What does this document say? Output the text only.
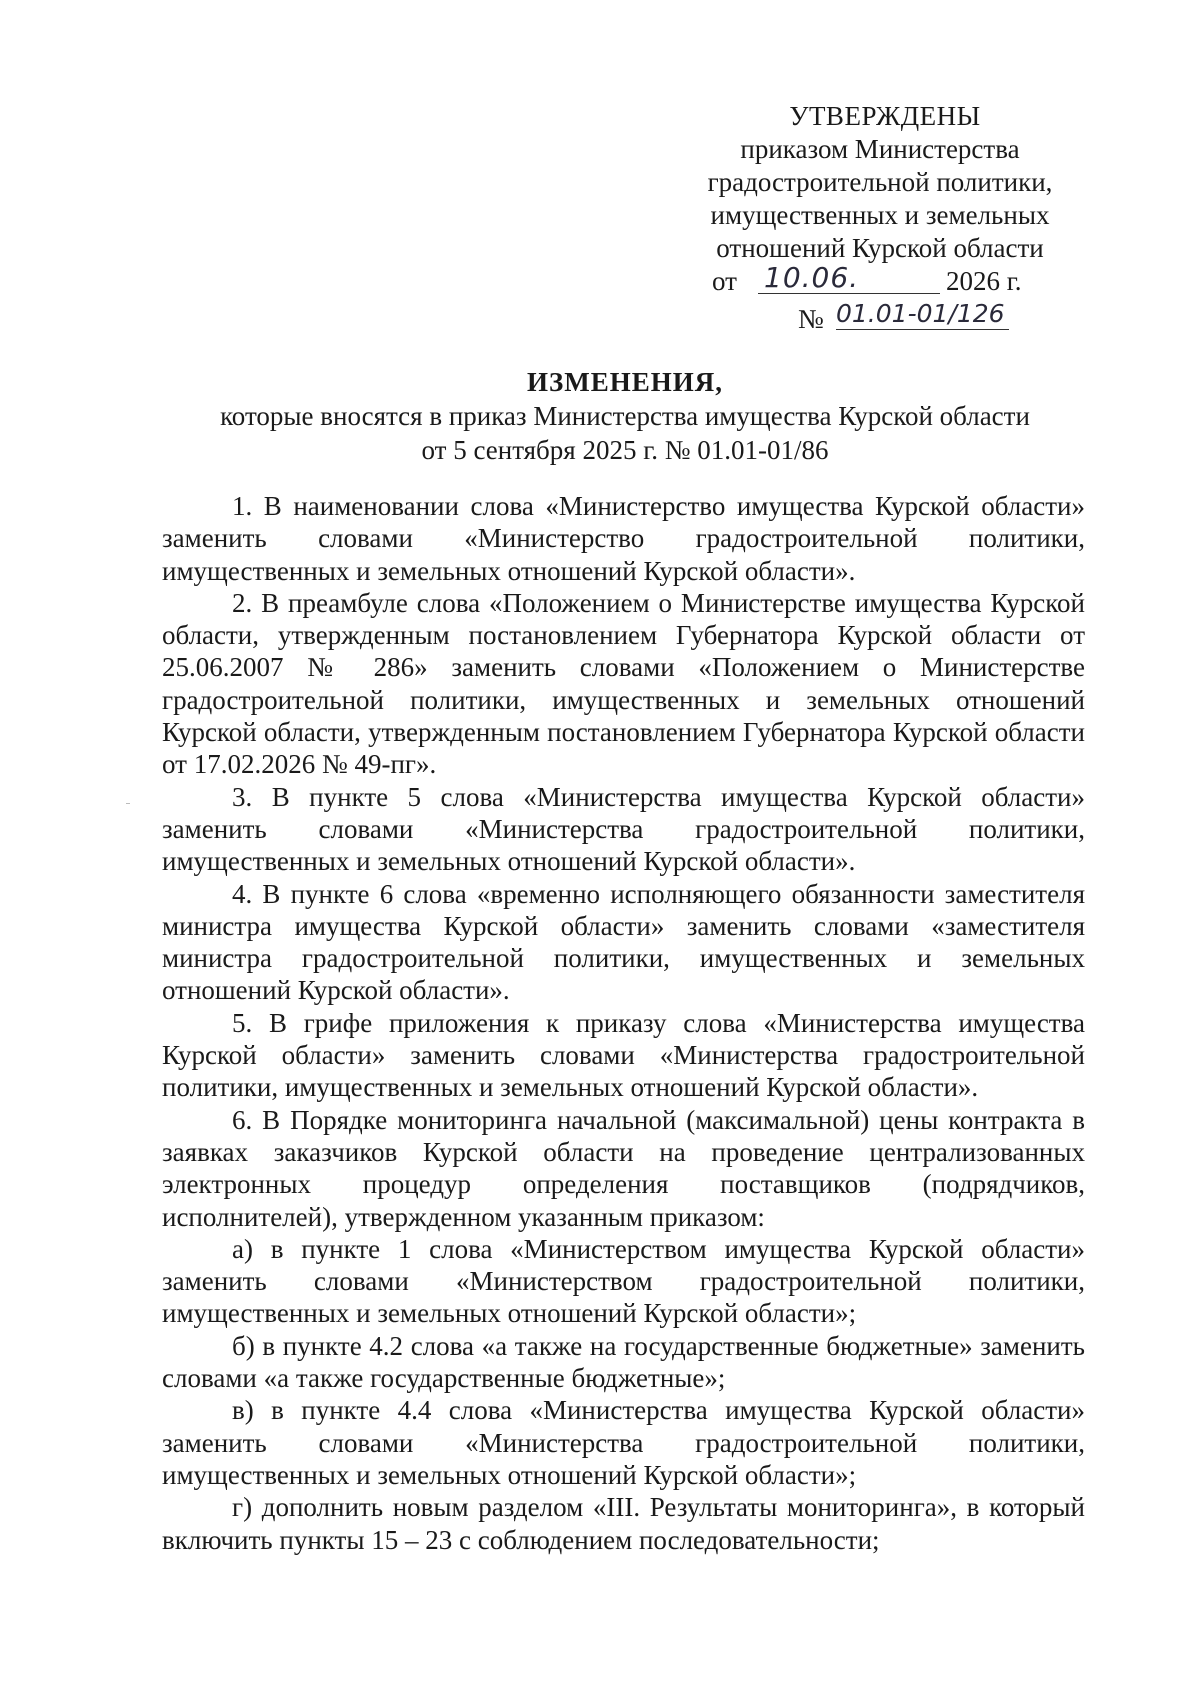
УТВЕРЖДЕНЫ
приказом Министерства
градостроительной политики,
имущественных и земельных
отношений Курской области
от 10.06.	2026 г.
№ 01.01-01/126
ИЗМЕНЕНИЯ,
которые вносятся в приказ Министерства имущества Курской области
от 5 сентября 2025 г. № 01.01-01/86

1. В наименовании слова «Министерство имущества Курской области» заменить словами «Министерство градостроительной политики, имущественных и земельных отношений Курской области».

2. В преамбуле слова «Положением о Министерстве имущества Курской области, утвержденным постановлением Губернатора Курской области от 25.06.2007 № 286» заменить словами «Положением о Министерстве градостроительной политики, имущественных и земельных отношений Курской области, утвержденным постановлением Губернатора Курской области от 17.02.2026 № 49-пг».

3. В пункте 5 слова «Министерства имущества Курской области» заменить словами «Министерства градостроительной политики, имущественных и земельных отношений Курской области».

4. В пункте 6 слова «временно исполняющего обязанности заместителя министра имущества Курской области» заменить словами «заместителя министра градостроительной политики, имущественных и земельных отношений Курской области».

5. В грифе приложения к приказу слова «Министерства имущества Курской области» заменить словами «Министерства градостроительной политики, имущественных и земельных отношений Курской области».

6. В Порядке мониторинга начальной (максимальной) цены контракта в заявках заказчиков Курской области на проведение централизованных электронных процедур определения поставщиков (подрядчиков, исполнителей), утвержденном указанным приказом:

а) в пункте 1 слова «Министерством имущества Курской области» заменить словами «Министерством градостроительной политики, имущественных и земельных отношений Курской области»;

б) в пункте 4.2 слова «а также на государственные бюджетные» заменить словами «а также государственные бюджетные»;

в) в пункте 4.4 слова «Министерства имущества Курской области» заменить словами «Министерства градостроительной политики, имущественных и земельных отношений Курской области»;

г) дополнить новым разделом «III. Результаты мониторинга», в который включить пункты 15 – 23 с соблюдением последовательности;
